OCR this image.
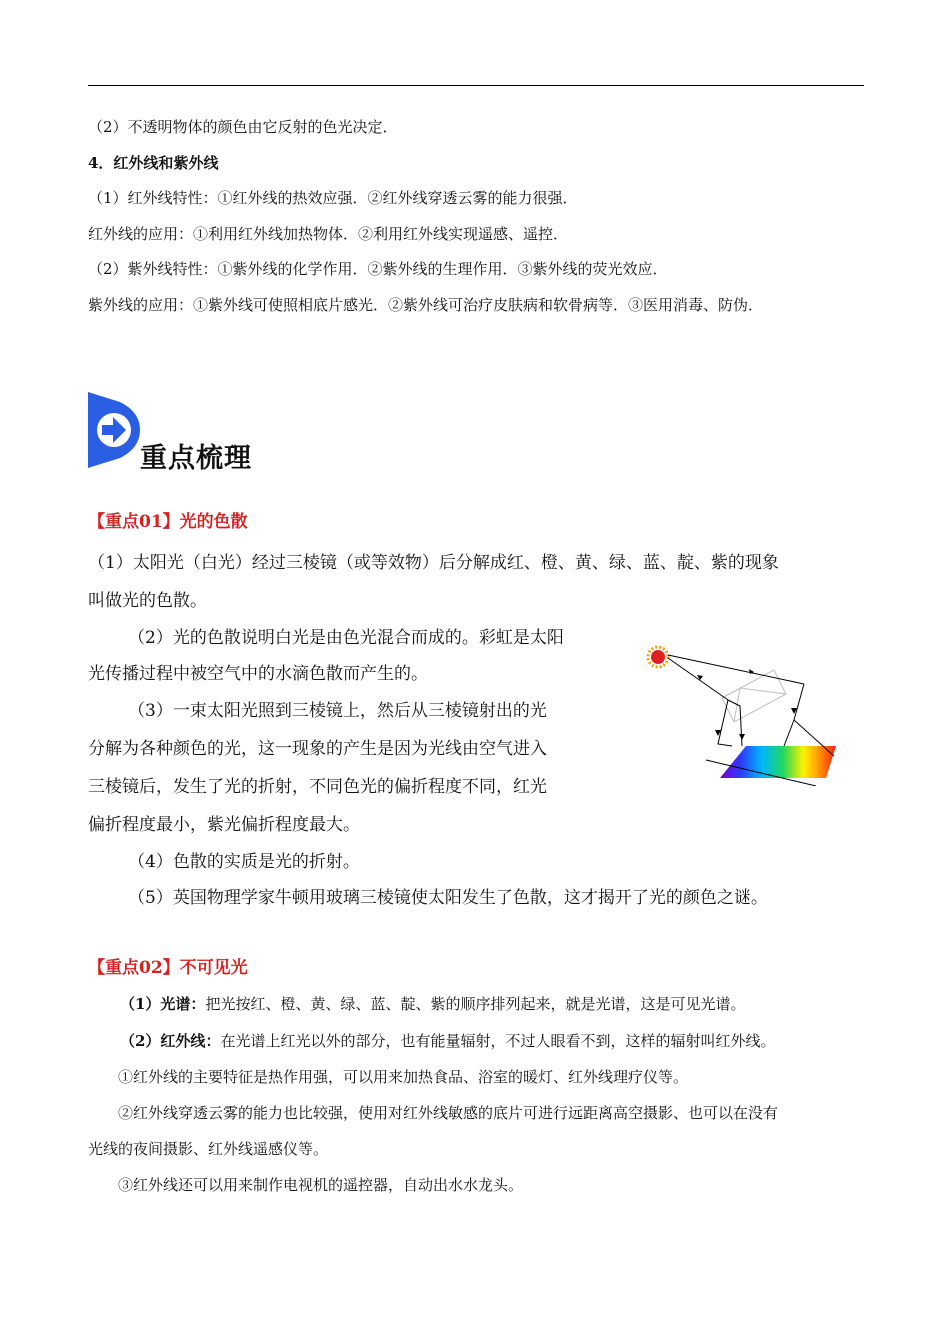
（2）不透明物体的颜色由它反射的色光决定．
4．红外线和紫外线
（1）红外线特性：①红外线的热效应强．②红外线穿透云雾的能力很强．
红外线的应用：①利用红外线加热物体．②利用红外线实现遥感、遥控．
（2）紫外线特性：①紫外线的化学作用．②紫外线的生理作用．③紫外线的荧光效应．
紫外线的应用：①紫外线可使照相底片感光．②紫外线可治疗皮肤病和软骨病等．③医用消毒、防伪．
重点梳理
【重点01】光的色散
（1）太阳光（白光）经过三棱镜（或等效物）后分解成红、橙、黄、绿、蓝、靛、紫的现象
叫做光的色散。
（2）光的色散说明白光是由色光混合而成的。彩虹是太阳
光传播过程中被空气中的水滴色散而产生的。
（3）一束太阳光照到三棱镜上，然后从三棱镜射出的光
分解为各种颜色的光，这一现象的产生是因为光线由空气进入
三棱镜后，发生了光的折射，不同色光的偏折程度不同，红光
偏折程度最小，紫光偏折程度最大。
（4）色散的实质是光的折射。
（5）英国物理学家牛顿用玻璃三棱镜使太阳发生了色散，这才揭开了光的颜色之谜。
【重点02】不可见光
（1）光谱：把光按红、橙、黄、绿、蓝、靛、紫的顺序排列起来，就是光谱，这是可见光谱。
（2）红外线：在光谱上红光以外的部分，也有能量辐射，不过人眼看不到，这样的辐射叫红外线。
①红外线的主要特征是热作用强，可以用来加热食品、浴室的暖灯、红外线理疗仪等。
②红外线穿透云雾的能力也比较强，使用对红外线敏感的底片可进行远距离高空摄影、也可以在没有
光线的夜间摄影、红外线遥感仪等。
③红外线还可以用来制作电视机的遥控器，自动出水水龙头。
